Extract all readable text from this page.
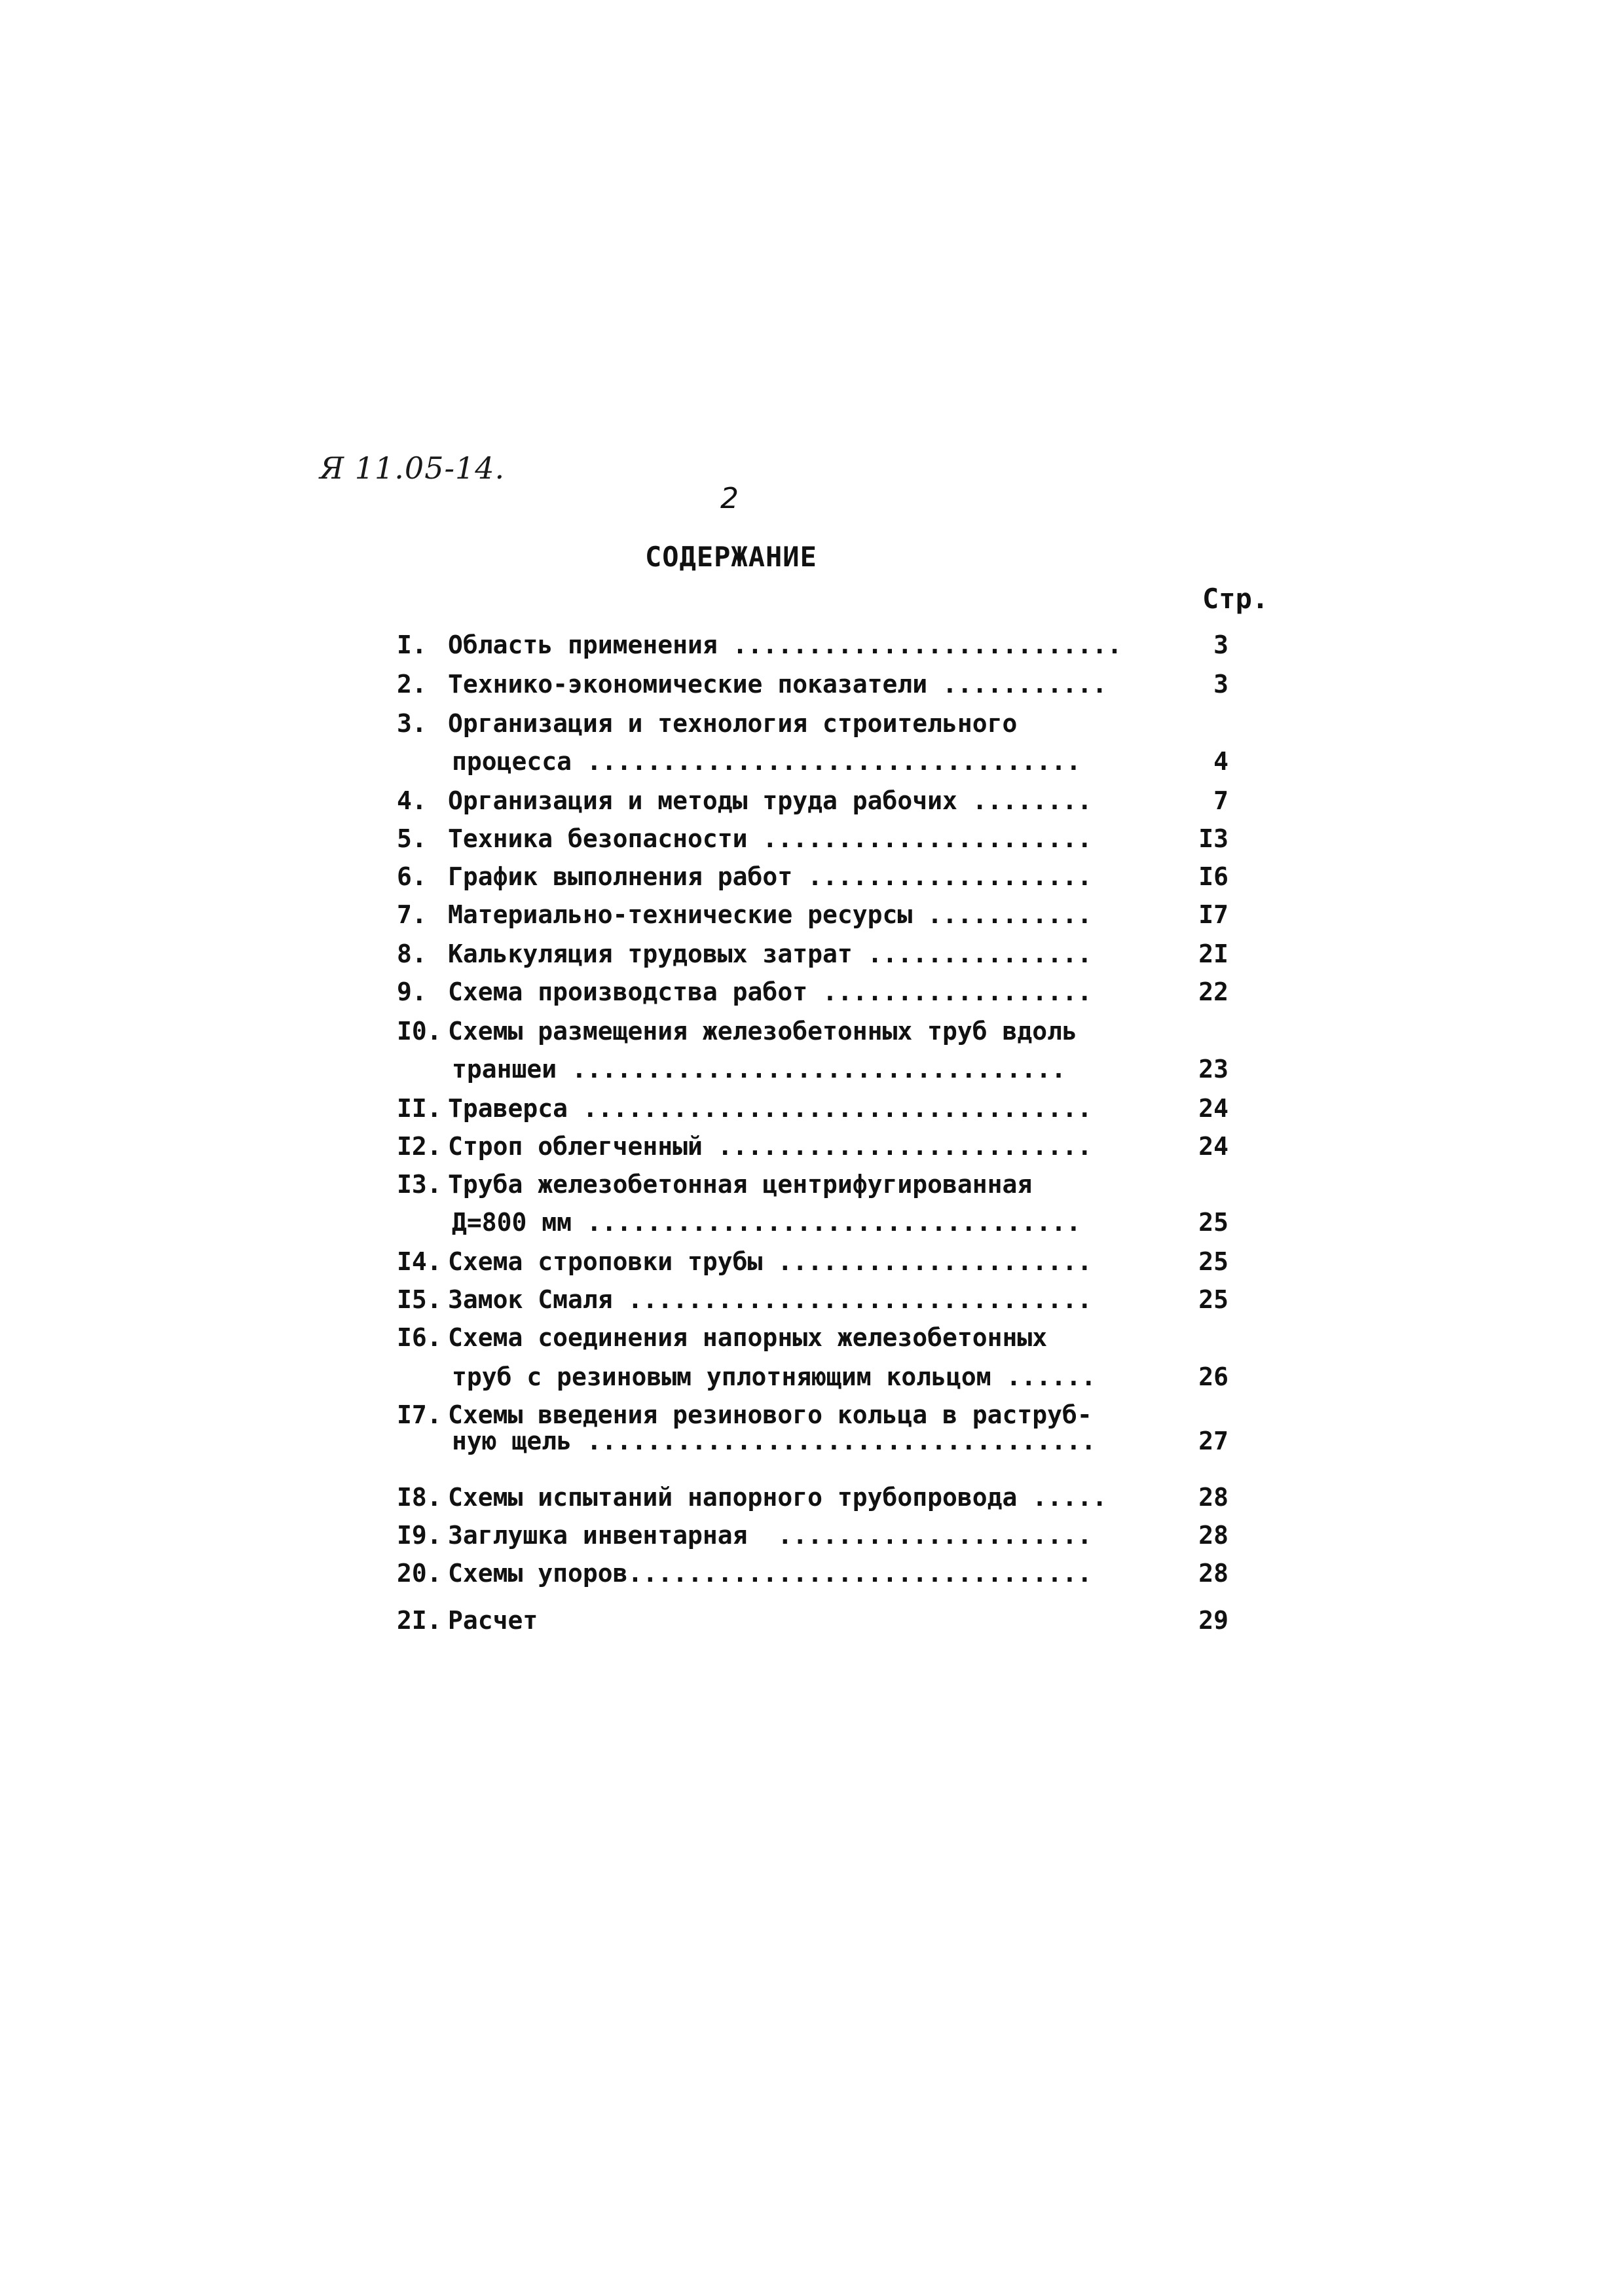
Я 11.05-14.
2
СОДЕРЖАНИЕ
Стр.
I. Область применения ..........................	3
2. Технико-экономические показатели ...........	3
3. Организация и технология строительного
процесса .................................	4
4. Организация и методы труда рабочих ........	7
5. Техника безопасности ......................	I3
6. График выполнения работ ...................	I6
7. Материально-технические ресурсы ...........	I7
8. Калькуляция трудовых затрат ...............	2I
9. Схема производства работ ..................	22
I0. Схемы размещения железобетонных труб вдоль
траншеи .................................	23
II. Траверса ..................................	24
I2. Строп облегченный .........................	24
I3. Труба железобетонная центрифугированная
Д=800 мм .................................	25
I4. Схема строповки трубы .....................	25
I5. Замок Смаля ...............................	25
I6. Схема соединения напорных железобетонных
труб с резиновым уплотняющим кольцом ......	26
I7. Схемы введения резинового кольца в раструб-
ную щель ..................................	27
I8. Схемы испытаний напорного трубопровода .....	28
I9. Заглушка инвентарная  .....................	28
20. Схемы упоров...............................	28
2I. Расчет	29
